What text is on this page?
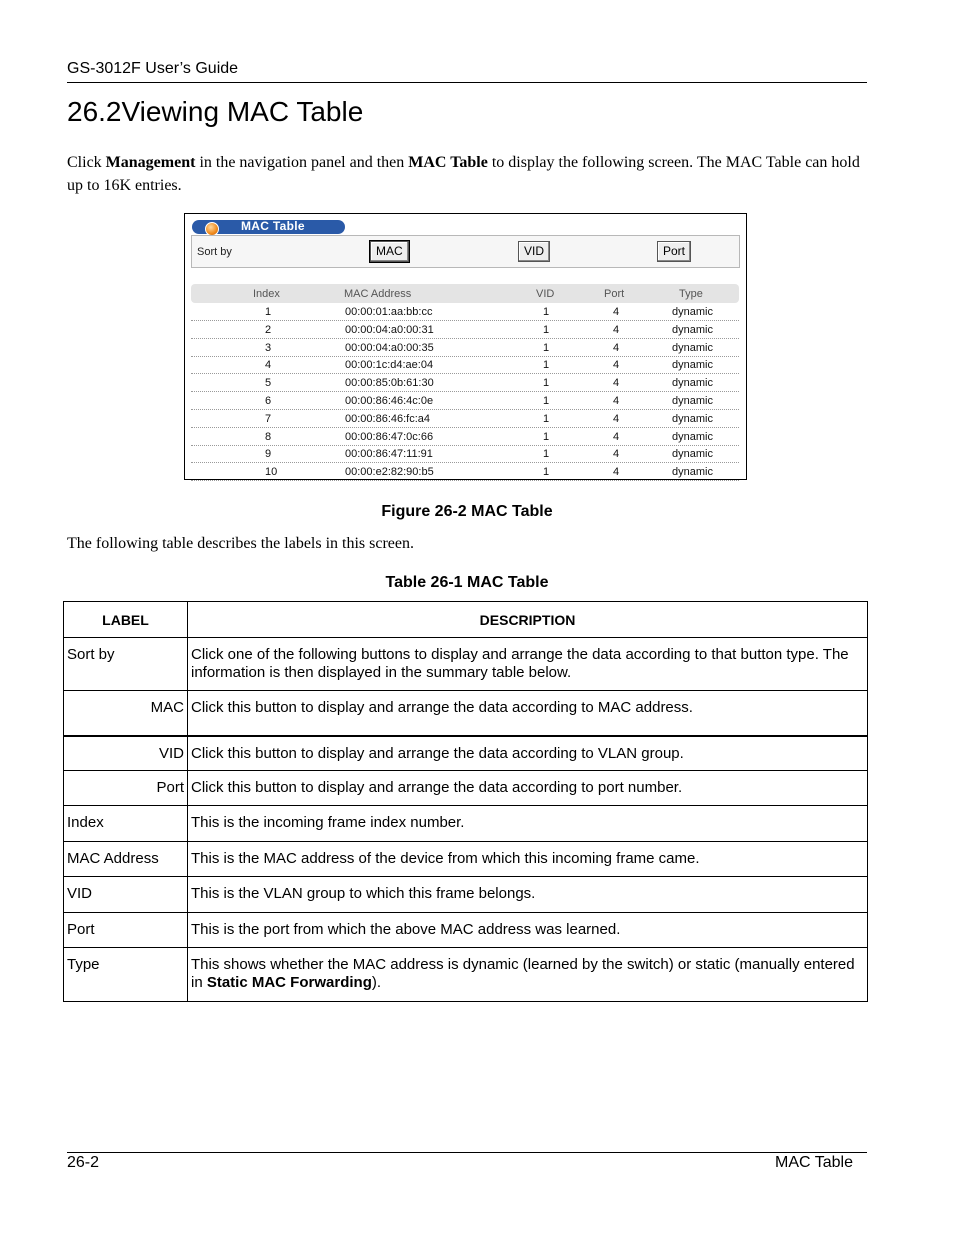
GS-3012F User’s Guide
26.2Viewing MAC Table

Click Management in the navigation panel and then MAC Table to display the following screen. The MAC Table can hold up to 16K entries.

MAC Table
Sort by	MAC	VID	Port
Index	MAC Address	VID	Port	Type
1	00:00:01:aa:bb:cc	1	4	dynamic
2	00:00:04:a0:00:31	1	4	dynamic
3	00:00:04:a0:00:35	1	4	dynamic
4	00:00:1c:d4:ae:04	1	4	dynamic
5	00:00:85:0b:61:30	1	4	dynamic
6	00:00:86:46:4c:0e	1	4	dynamic
7	00:00:86:46:fc:a4	1	4	dynamic
8	00:00:86:47:0c:66	1	4	dynamic
9	00:00:86:47:11:91	1	4	dynamic
10	00:00:e2:82:90:b5	1	4	dynamic

Figure 26-2 MAC Table

The following table describes the labels in this screen.

Table 26-1 MAC Table

LABEL	DESCRIPTION
Sort by	Click one of the following buttons to display and arrange the data according to that button type. The information is then displayed in the summary table below.
MAC	Click this button to display and arrange the data according to MAC address.
VID	Click this button to display and arrange the data according to VLAN group.
Port	Click this button to display and arrange the data according to port number.
Index	This is the incoming frame index number.
MAC Address	This is the MAC address of the device from which this incoming frame came.
VID	This is the VLAN group to which this frame belongs.
Port	This is the port from which the above MAC address was learned.
Type	This shows whether the MAC address is dynamic (learned by the switch) or static (manually entered in Static MAC Forwarding).
26-2	MAC Table
